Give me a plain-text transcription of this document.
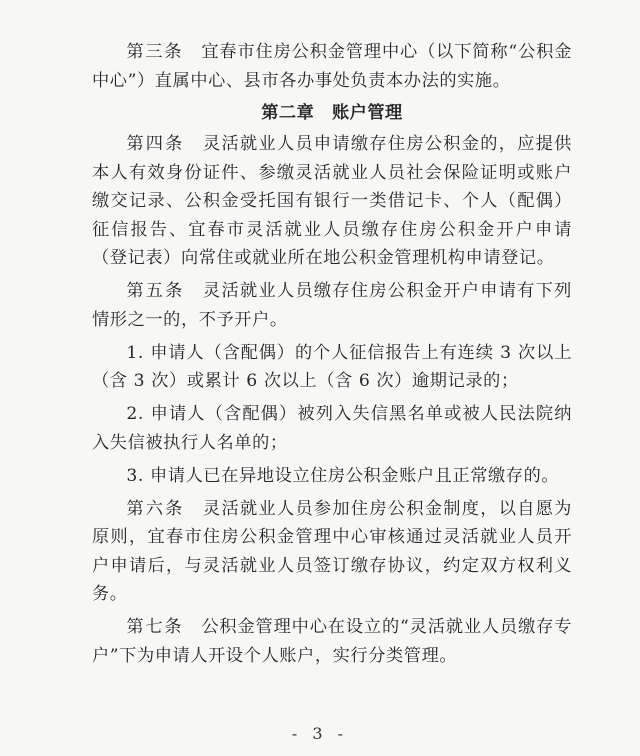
第三条　 宜春市住房公积金管理中心（以下简称“公积金中心”）直属中心、县市各办事处负责本办法的实施。

第二章　账户管理

第四条　 灵活就业人员申请缴存住房公积金的，应提供本人有效身份证件、参缴灵活就业人员社会保险证明或账户缴交记录、公积金受托国有银行一类借记卡、个人（配偶）征信报告、宜春市灵活就业人员缴存住房公积金开户申请（登记表）向常住或就业所在地公积金管理机构申请登记。

第五条　 灵活就业人员缴存住房公积金开户申请有下列情形之一的，不予开户。

1. 申请人（含配偶）的个人征信报告上有连续 3 次以上（含 3 次）或累计 6 次以上（含 6 次）逾期记录的；

2. 申请人（含配偶）被列入失信黑名单或被人民法院纳入失信被执行人名单的；

3. 申请人已在异地设立住房公积金账户且正常缴存的。

第六条　 灵活就业人员参加住房公积金制度，以自愿为原则，宜春市住房公积金管理中心审核通过灵活就业人员开户申请后，与灵活就业人员签订缴存协议，约定双方权利义务。

第七条　 公积金管理中心在设立的“灵活就业人员缴存专户”下为申请人开设个人账户，实行分类管理。

- 3 -
